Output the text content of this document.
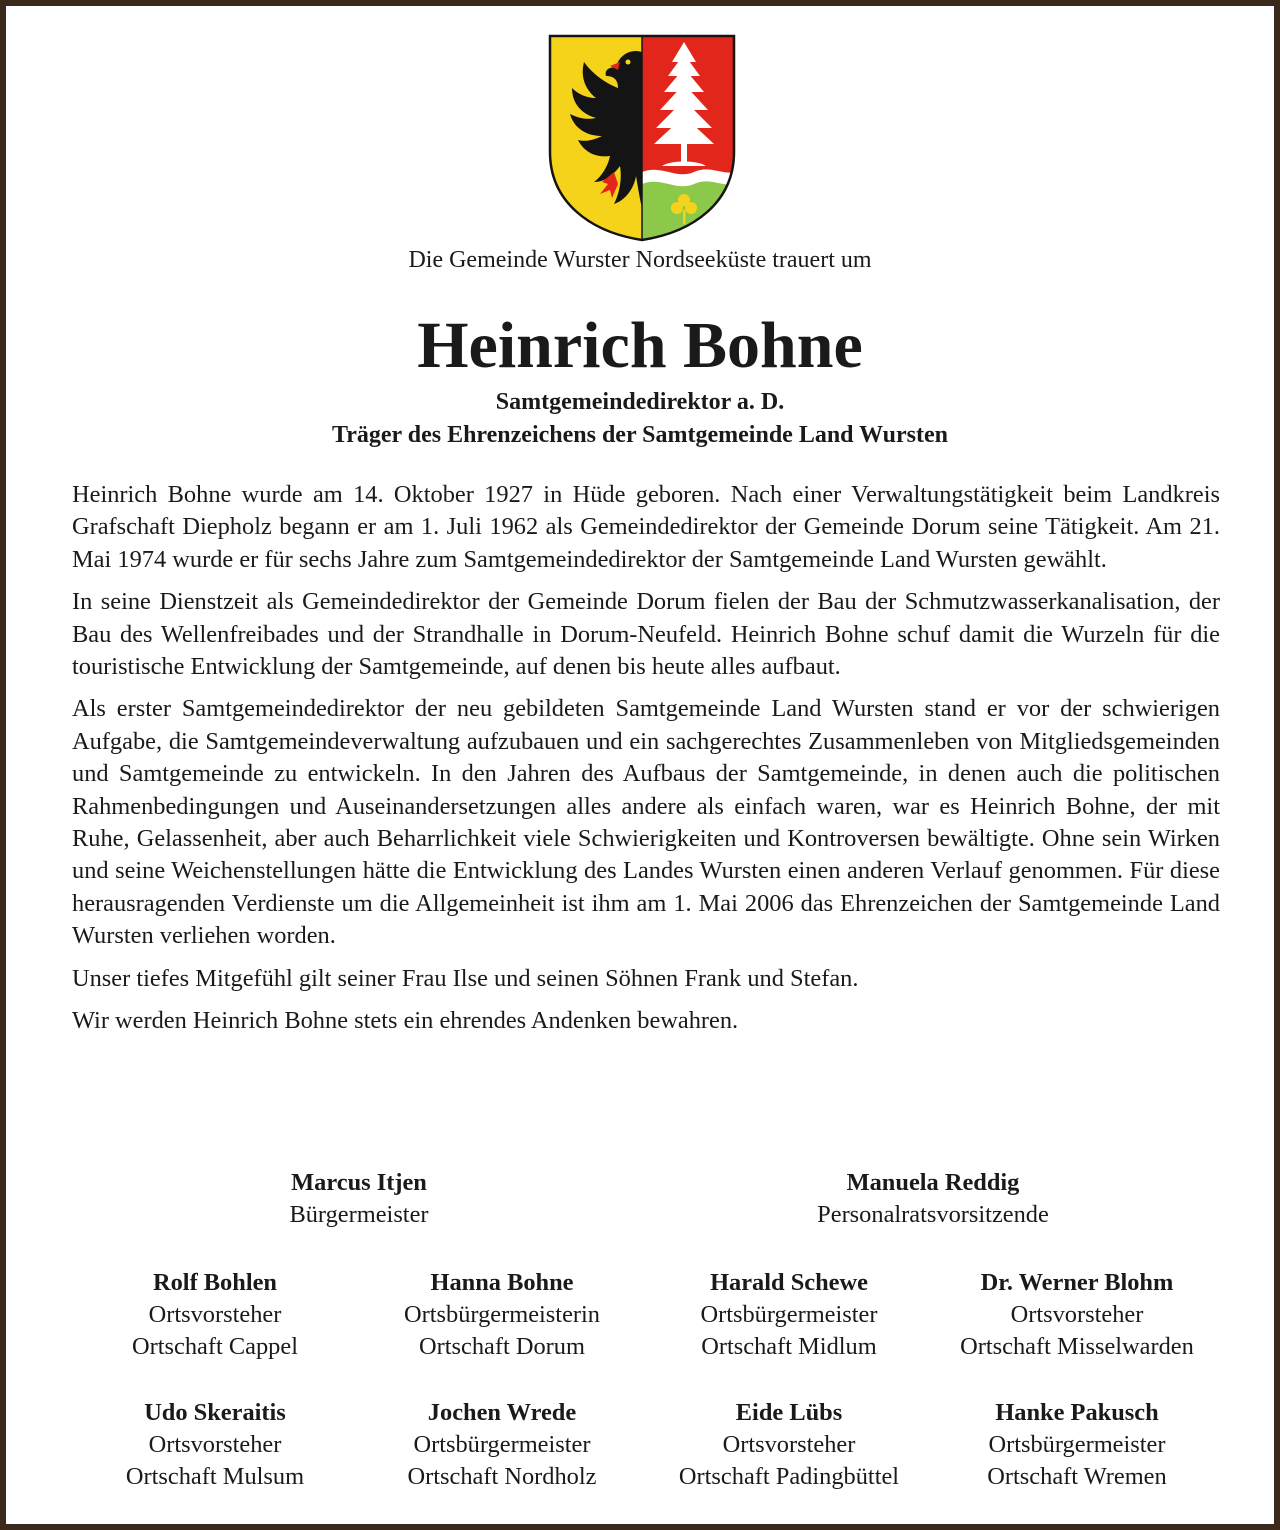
Die Gemeinde Wurster Nordseeküste trauert um
Heinrich Bohne
Samtgemeindedirektor a. D.
Träger des Ehrenzeichens der Samtgemeinde Land Wursten

Heinrich Bohne wurde am 14. Oktober 1927 in Hüde geboren. Nach einer Verwaltungstätigkeit beim Landkreis Grafschaft Diepholz begann er am 1. Juli 1962 als Gemeindedirektor der Gemeinde Dorum seine Tätigkeit. Am 21. Mai 1974 wurde er für sechs Jahre zum Samtgemeindedirektor der Samtgemeinde Land Wursten gewählt.

In seine Dienstzeit als Gemeindedirektor der Gemeinde Dorum fielen der Bau der Schmutzwasserkanalisation, der Bau des Wellenfreibades und der Strandhalle in Dorum-Neufeld. Heinrich Bohne schuf damit die Wurzeln für die touristische Entwicklung der Samtgemeinde, auf denen bis heute alles aufbaut.

Als erster Samtgemeindedirektor der neu gebildeten Samtgemeinde Land Wursten stand er vor der schwierigen Aufgabe, die Samtgemeindeverwaltung aufzubauen und ein sachgerechtes Zusammenleben von Mitgliedsgemeinden und Samtgemeinde zu entwickeln. In den Jahren des Aufbaus der Samtgemeinde, in denen auch die politischen Rahmenbedingungen und Auseinandersetzungen alles andere als einfach waren, war es Heinrich Bohne, der mit Ruhe, Gelassenheit, aber auch Beharrlichkeit viele Schwierigkeiten und Kontroversen bewältigte. Ohne sein Wirken und seine Weichenstellungen hätte die Entwicklung des Landes Wursten einen anderen Verlauf genommen. Für diese herausragenden Verdienste um die Allgemeinheit ist ihm am 1. Mai 2006 das Ehrenzeichen der Samtgemeinde Land Wursten verliehen worden.

Unser tiefes Mitgefühl gilt seiner Frau Ilse und seinen Söhnen Frank und Stefan.

Wir werden Heinrich Bohne stets ein ehrendes Andenken bewahren.

Marcus Itjen
Bürgermeister
Manuela Reddig
Personalratsvorsitzende
Rolf Bohlen
Ortsvorsteher
Ortschaft Cappel
Hanna Bohne
Ortsbürgermeisterin
Ortschaft Dorum
Harald Schewe
Ortsbürgermeister
Ortschaft Midlum
Dr. Werner Blohm
Ortsvorsteher
Ortschaft Misselwarden
Udo Skeraitis
Ortsvorsteher
Ortschaft Mulsum
Jochen Wrede
Ortsbürgermeister
Ortschaft Nordholz
Eide Lübs
Ortsvorsteher
Ortschaft Padingbüttel
Hanke Pakusch
Ortsbürgermeister
Ortschaft Wremen
